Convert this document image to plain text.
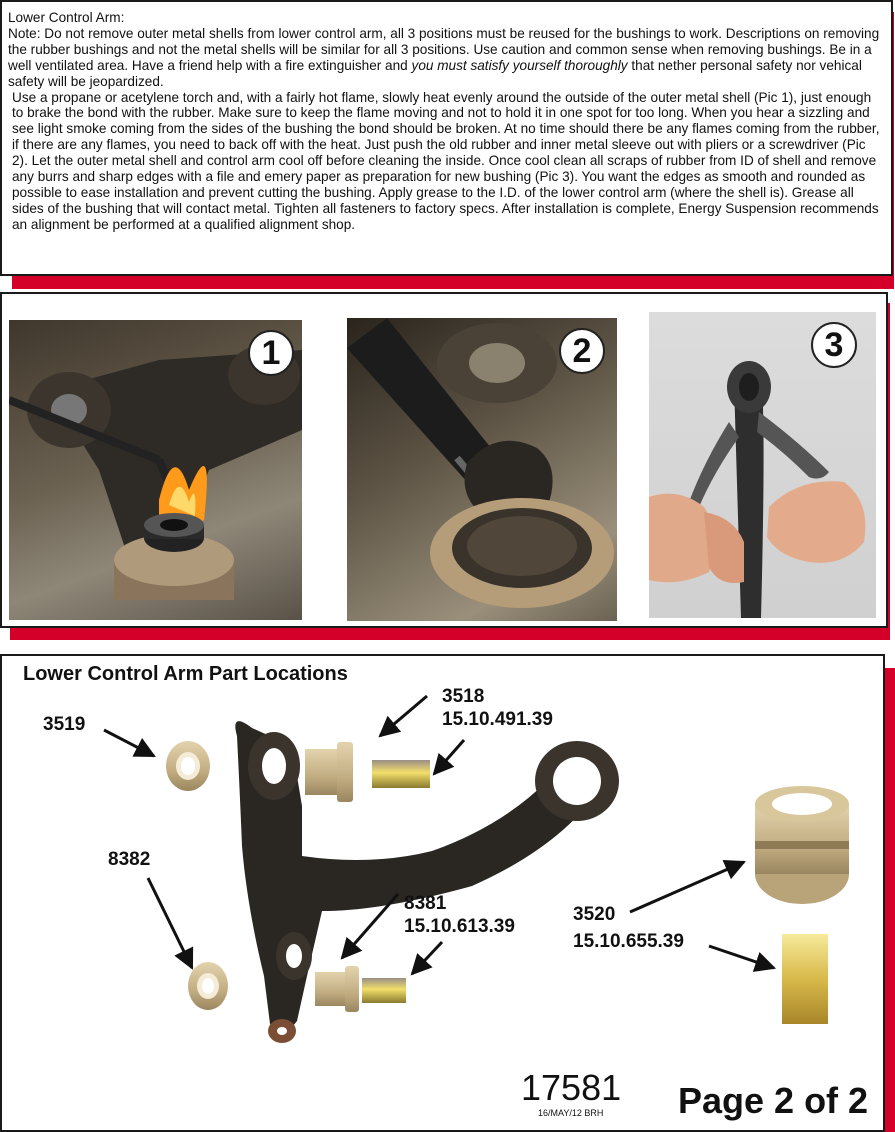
Lower Control Arm:

Note: Do not remove outer metal shells from lower control arm, all 3 positions must be reused for the bushings to work. Descriptions on removing the rubber bushings and not the metal shells will be similar for all 3 positions. Use caution and common sense when removing bushings. Be in a well ventilated area. Have a friend help with a fire extinguisher and you must satisfy yourself thoroughly that nether personal safety nor vehical safety will be jeopardized.

Use a propane or acetylene torch and, with a fairly hot flame, slowly heat evenly around the outside of the outer metal shell (Pic 1), just enough to brake the bond with the rubber. Make sure to keep the flame moving and not to hold it in one spot for too long. When you hear a sizzling and see light smoke coming from the sides of the bushing the bond should be broken. At no time should there be any flames coming from the rubber, if there are any flames, you need to back off with the heat. Just push the old rubber and inner metal sleeve out with pliers or a screwdriver (Pic 2). Let the outer metal shell and control arm cool off before cleaning the inside. Once cool clean all scraps of rubber from ID of shell and remove any burrs and sharp edges with a file and emery paper as preparation for new bushing (Pic 3). You want the edges as smooth and rounded as possible to ease installation and prevent cutting the bushing. Apply grease to the I.D. of the lower control arm (where the shell is). Grease all sides of the bushing that will contact metal. Tighten all fasteners to factory specs. After installation is complete, Energy Suspension recommends an alignment be performed at a qualified alignment shop.

1	2	3
Lower Control Arm Part Locations
3519
3518
15.10.491.39
8382
8381
15.10.613.39
3520
15.10.655.39
17581
16/MAY/12 BRH Page 2 of 2
